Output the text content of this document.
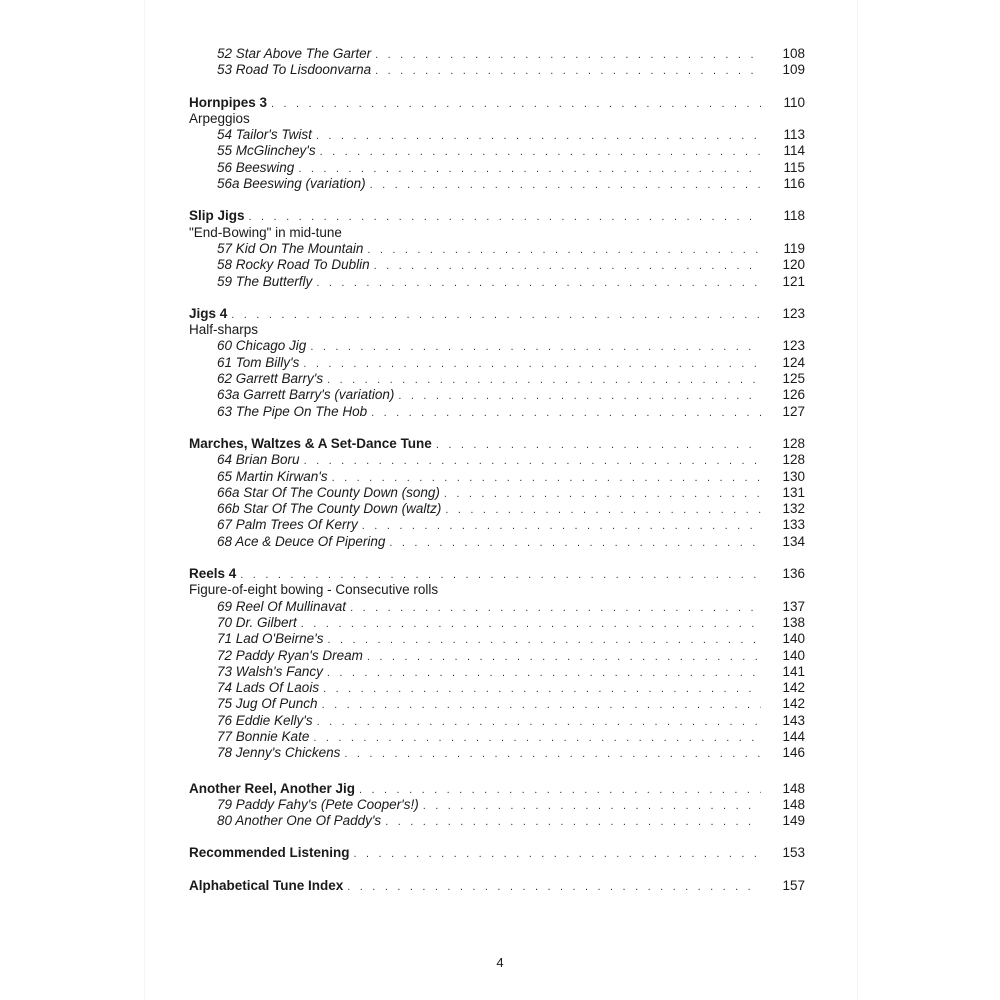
52 Star Above The Garter . . .	108
53 Road To Lisdoonvarna . . .	109
Hornpipes 3 . . .	110
Arpeggios
54 Tailor's Twist . . .	113
55 McGlinchey's . . .	114
56 Beeswing . . .	115
56a Beeswing (variation) . . .	116
Slip Jigs . . .	118
"End-Bowing" in mid-tune
57 Kid On The Mountain . . .	119
58 Rocky Road To Dublin . . .	120
59 The Butterfly . . .	121
Jigs 4 . . .	123
Half-sharps
60 Chicago Jig . . .	123
61 Tom Billy's . . .	124
62 Garrett Barry's . . .	125
63a Garrett Barry's (variation) . . .	126
63 The Pipe On The Hob . . .	127
Marches, Waltzes & A Set-Dance Tune . . .	128
64 Brian Boru . . .	128
65 Martin Kirwan's . . .	130
66a Star Of The County Down (song) . . .	131
66b Star Of The County Down (waltz) . . .	132
67 Palm Trees Of Kerry . . .	133
68 Ace & Deuce Of Pipering . . .	134
Reels 4 . . .	136
Figure-of-eight bowing - Consecutive rolls
69 Reel Of Mullinavat . . .	137
70 Dr. Gilbert . . .	138
71 Lad O'Beirne's . . .	140
72 Paddy Ryan's Dream . . .	140
73 Walsh's Fancy . . .	141
74 Lads Of Laois . . .	142
75 Jug Of Punch . . .	142
76 Eddie Kelly's . . .	143
77 Bonnie Kate . . .	144
78 Jenny's Chickens . . .	146
Another Reel, Another Jig . . .	148
79 Paddy Fahy's (Pete Cooper's!) . . .	148
80 Another One Of Paddy's . . .	149
Recommended Listening . . .	153
Alphabetical Tune Index . . .	157
4
